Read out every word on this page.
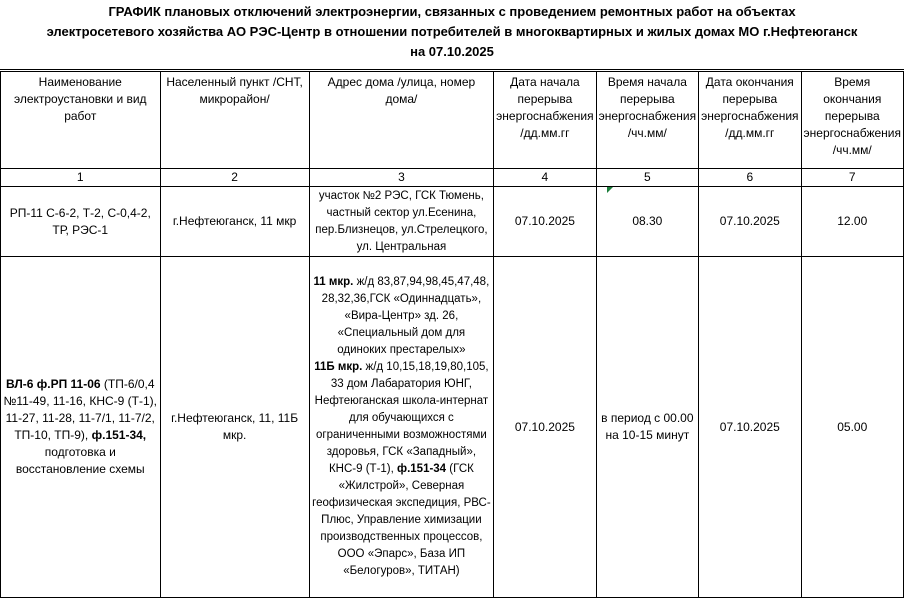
ГРАФИК плановых отключений электроэнергии, связанных с проведением ремонтных работ на объектах
электросетевого хозяйства АО РЭС-Центр в отношении потребителей в многоквартирных и жилых домах МО г.Нефтеюганск
на 07.10.2025
Наименование электроустановки и вид работ	Населенный пункт /СНТ, микрорайон/	Адрес дома /улица, номер дома/	Дата начала перерыва энергоснабжения /дд.мм.гг	Время начала перерыва энергоснабжения /чч.мм/	Дата окончания перерыва энергоснабжения /дд.мм.гг	Время окончания перерыва энергоснабжения /чч.мм/
1	2	3	4	5	6	7
РП-11 С-6-2, Т-2, С-0,4-2, ТР, РЭС-1	г.Нефтеюганск, 11 мкр	участок №2 РЭС, ГСК Тюмень, частный сектор ул.Есенина, пер.Близнецов, ул.Стрелецкого, ул. Центральная	07.10.2025	08.30	07.10.2025	12.00
ВЛ-6 ф.РП 11-06 (ТП-6/0,4 №11-49, 11-16, КНС-9 (Т-1), 11-27, 11-28, 11-7/1, 11-7/2, ТП-10, ТП-9), ф.151-34, подготовка и восстановление схемы	г.Нефтеюганск, 11, 11Б мкр.	11 мкр. ж/д 83,87,94,98,45,47,48, 28,32,36,ГСК «Одиннадцать», «Вира-Центр» зд. 26, «Специальный дом для одиноких престарелых»
11Б мкр. ж/д 10,15,18,19,80,105, 33 дом Лабаратория ЮНГ, Нефтеюганская школа-интернат для обучающихся с ограниченными возможностями здоровья, ГСК «Западный», КНС-9 (Т-1), ф.151-34 (ГСК «Жилстрой», Северная геофизическая экспедиция, РВС-Плюс, Управление химизации производственных процессов, ООО «Эпарс», База ИП «Белогуров», ТИТАН)	07.10.2025	в период с 00.00 на 10-15 минут	07.10.2025	05.00
